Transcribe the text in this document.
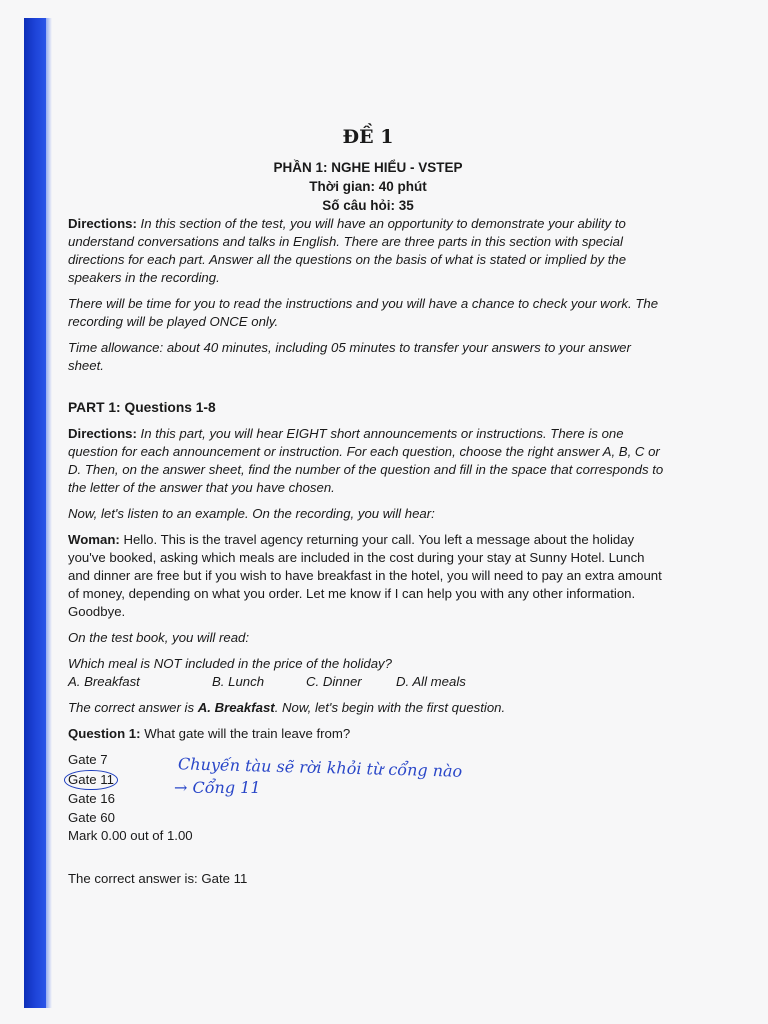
ĐỀ 1
PHẦN 1: NGHE HIỂU - VSTEP
Thời gian: 40 phút
Số câu hỏi: 35

Directions: In this section of the test, you will have an opportunity to demonstrate your ability to understand conversations and talks in English. There are three parts in this section with special directions for each part. Answer all the questions on the basis of what is stated or implied by the speakers in the recording.

There will be time for you to read the instructions and you will have a chance to check your work. The recording will be played ONCE only.

Time allowance: about 40 minutes, including 05 minutes to transfer your answers to your answer sheet.

PART 1: Questions 1-8

Directions: In this part, you will hear EIGHT short announcements or instructions. There is one question for each announcement or instruction. For each question, choose the right answer A, B, C or D. Then, on the answer sheet, find the number of the question and fill in the space that corresponds to the letter of the answer that you have chosen.

Now, let's listen to an example. On the recording, you will hear:

Woman: Hello. This is the travel agency returning your call. You left a message about the holiday you've booked, asking which meals are included in the cost during your stay at Sunny Hotel. Lunch and dinner are free but if you wish to have breakfast in the hotel, you will need to pay an extra amount of money, depending on what you order. Let me know if I can help you with any other information. Goodbye.

On the test book, you will read:

Which meal is NOT included in the price of the holiday?

A. Breakfast	B. Lunch	C. Dinner	D. All meals

The correct answer is A. Breakfast. Now, let's begin with the first question.

Question 1: What gate will the train leave from?

Gate 7
Gate 11
Gate 16
Gate 60
Mark 0.00 out of 1.00
The correct answer is: Gate 11
Chuyến tàu sẽ rời khỏi từ cổng nào
→ Cổng 11
